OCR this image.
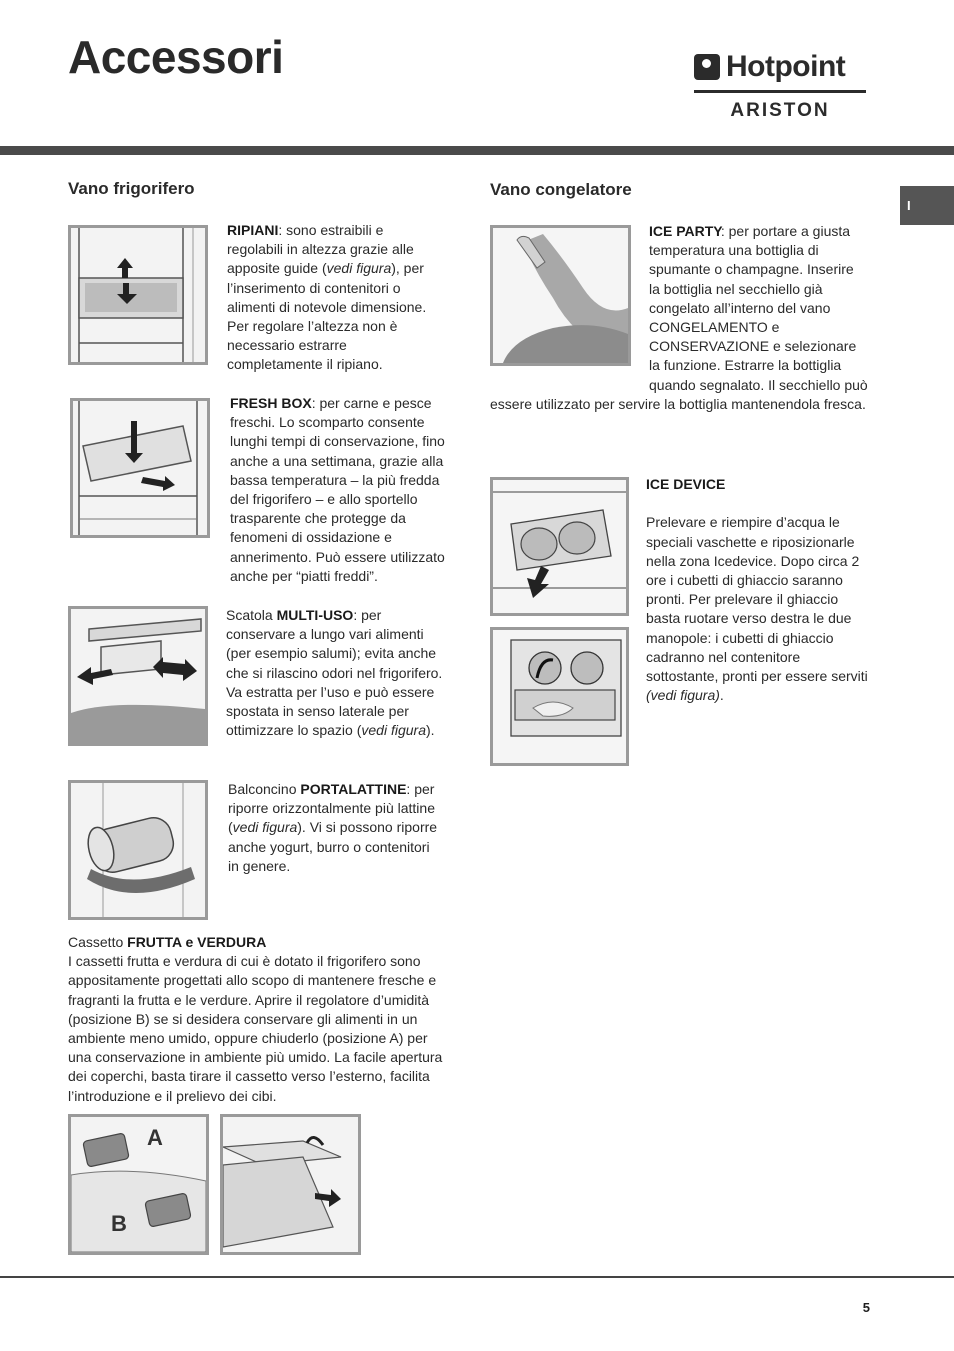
Accessori	Hotpoint
ARISTON
I
Vano frigorifero

RIPIANI: sono estraibili e regolabili in altezza grazie alle apposite guide (vedi figura), per l’inserimento di contenitori o alimenti di notevole dimensione. Per regolare l’altezza non è necessario estrarre completamente il ripiano.

FRESH BOX: per carne e pesce freschi. Lo scomparto consente lunghi tempi di conservazione, fino anche a una settimana, grazie alla bassa temperatura – la più fredda del frigorifero – e allo sportello trasparente che protegge da fenomeni di ossidazione e annerimento. Può essere utilizzato anche per “piatti freddi”.

Scatola MULTI-USO: per conservare a lungo vari alimenti (per esempio salumi); evita anche che si rilascino odori nel frigorifero. Va estratta per l’uso e può essere spostata in senso laterale per ottimizzare lo spazio (vedi figura).

Balconcino PORTALATTINE: per riporre orizzontalmente più lattine (vedi figura). Vi si possono riporre anche yogurt, burro o contenitori in genere.

Cassetto FRUTTA e VERDURA
I cassetti frutta e verdura di cui è dotato il frigorifero sono appositamente progettati allo scopo di mantenere fresche e fragranti la frutta e le verdure. Aprire il regolatore d’umidità (posizione B) se si desidera conservare gli alimenti in un ambiente meno umido, oppure chiuderlo (posizione A) per una conservazione in ambiente più umido. La facile apertura dei coperchi, basta tirare il cassetto verso l’esterno, facilita l’introduzione e il prelievo dei cibi.

A
B
Vano congelatore

ICE PARTY

: per portare a giusta temperatura una bottiglia di spumante o champagne. Inserire la bottiglia nel secchiello già congelato all’interno del vano CONGELAMENTO e CONSERVAZIONE e selezionare la funzione. Estrarre la bottiglia quando segnalato. Il secchiello può essere utilizzato per servire la bottiglia mantenendola fresca.

ICE DEVICE

Prelevare e riempire d’acqua le speciali vaschette e riposizionarle nella zona Icedevice. Dopo circa 2 ore i cubetti di ghiaccio saranno pronti. Per prelevare il ghiaccio basta ruotare verso destra le due manopole: i cubetti di ghiaccio cadranno nel contenitore sottostante, pronti per essere serviti (vedi figura).

5
